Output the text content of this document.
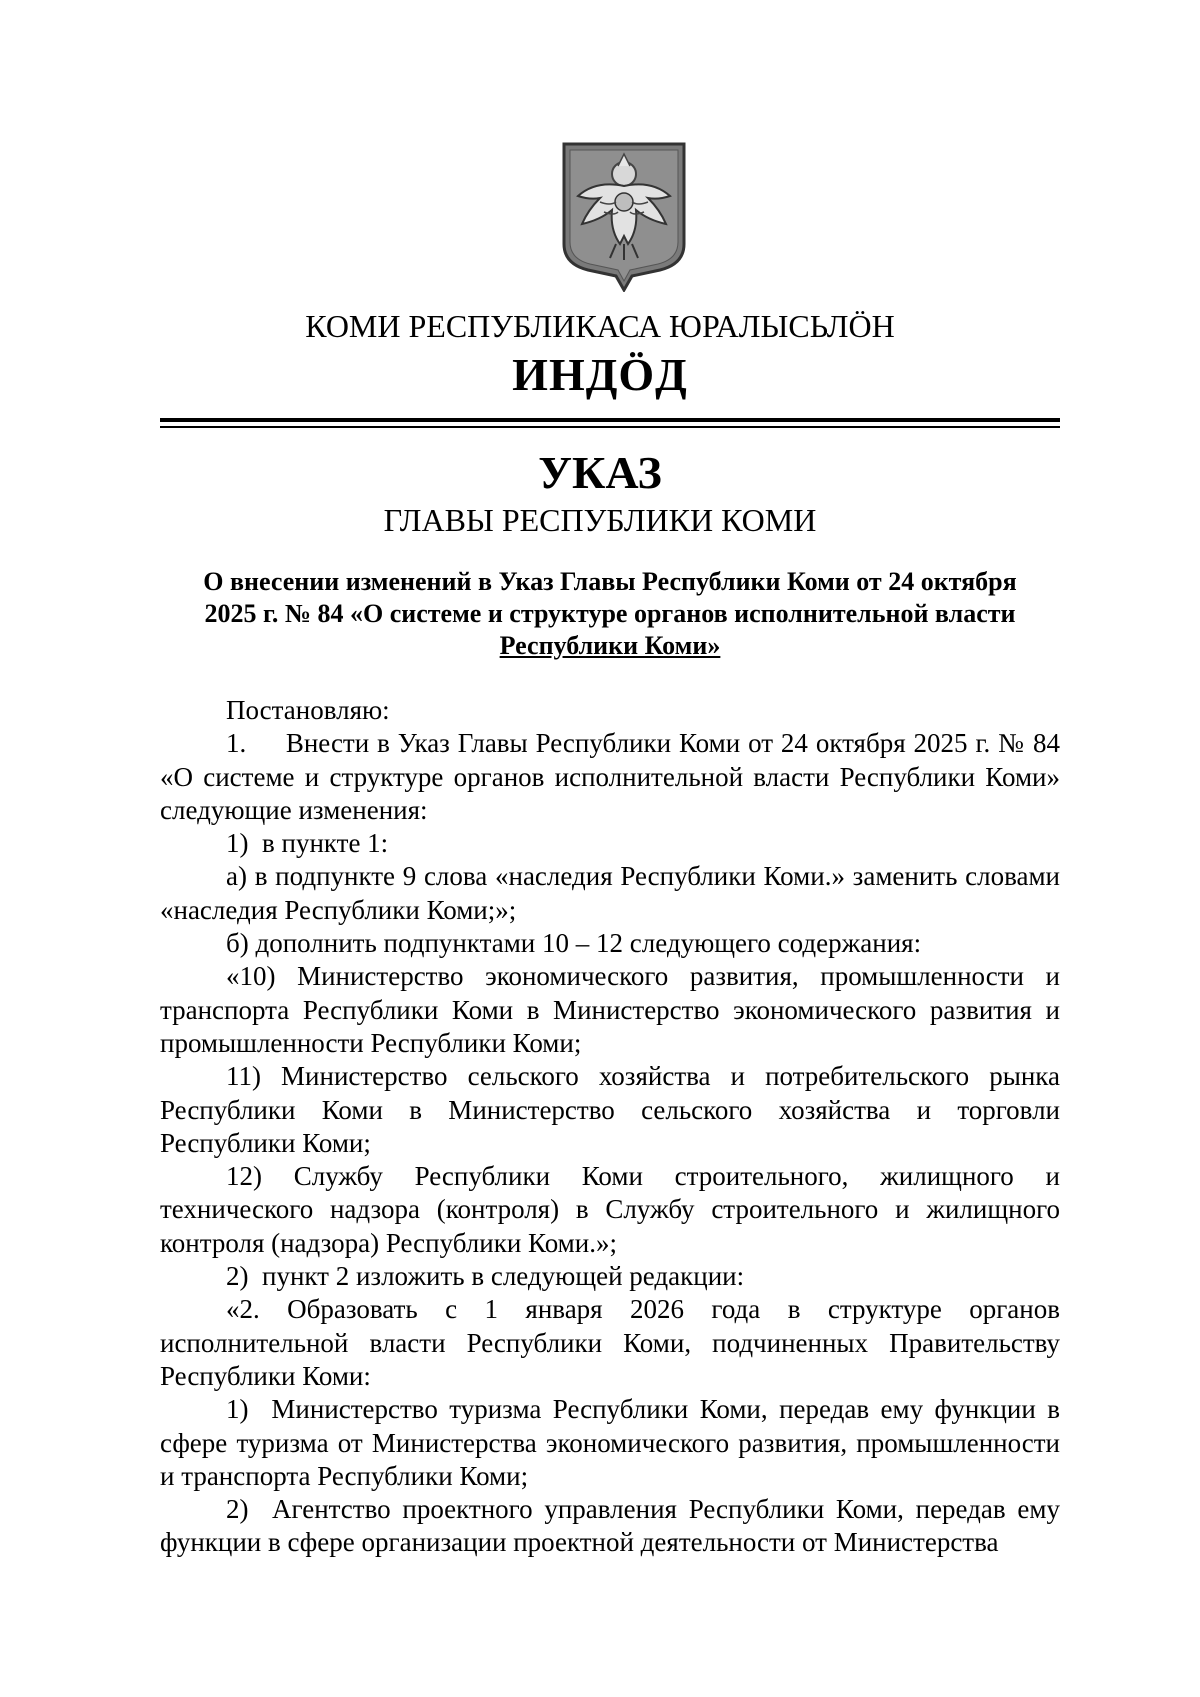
КОМИ РЕСПУБЛИКАСА ЮРАЛЫСЬЛÖН
ИНДÖД
УКАЗ
ГЛАВЫ РЕСПУБЛИКИ КОМИ
О внесении изменений в Указ Главы Республики Коми от 24 октября
2025 г. № 84 «О системе и структуре органов исполнительной власти
Республики Коми»

Постановляю:

1.     Внести в Указ Главы Республики Коми от 24 октября 2025 г. № 84 «О системе и структуре органов исполнительной власти Республики Коми» следующие изменения:

1)  в пункте 1:

а) в подпункте 9 слова «наследия Республики Коми.» заменить словами «наследия Республики Коми;»;

б) дополнить подпунктами 10 – 12 следующего содержания:

«10) Министерство экономического развития, промышленности и транспорта Республики Коми в Министерство экономического развития и промышленности Республики Коми;

11) Министерство сельского хозяйства и потребительского рынка Республики Коми в Министерство сельского хозяйства и торговли Республики Коми;

12) Службу Республики Коми строительного, жилищного и технического надзора (контроля) в Службу строительного и жилищного контроля (надзора) Республики Коми.»;

2)  пункт 2 изложить в следующей редакции:

«2. Образовать с 1 января 2026 года в структуре органов исполнительной власти Республики Коми, подчиненных Правительству Республики Коми:

1)  Министерство туризма Республики Коми, передав ему функции в сфере туризма от Министерства экономического развития, промышленности и транспорта Республики Коми;

2)  Агентство проектного управления Республики Коми, передав ему функции в сфере организации проектной деятельности от Министерства
